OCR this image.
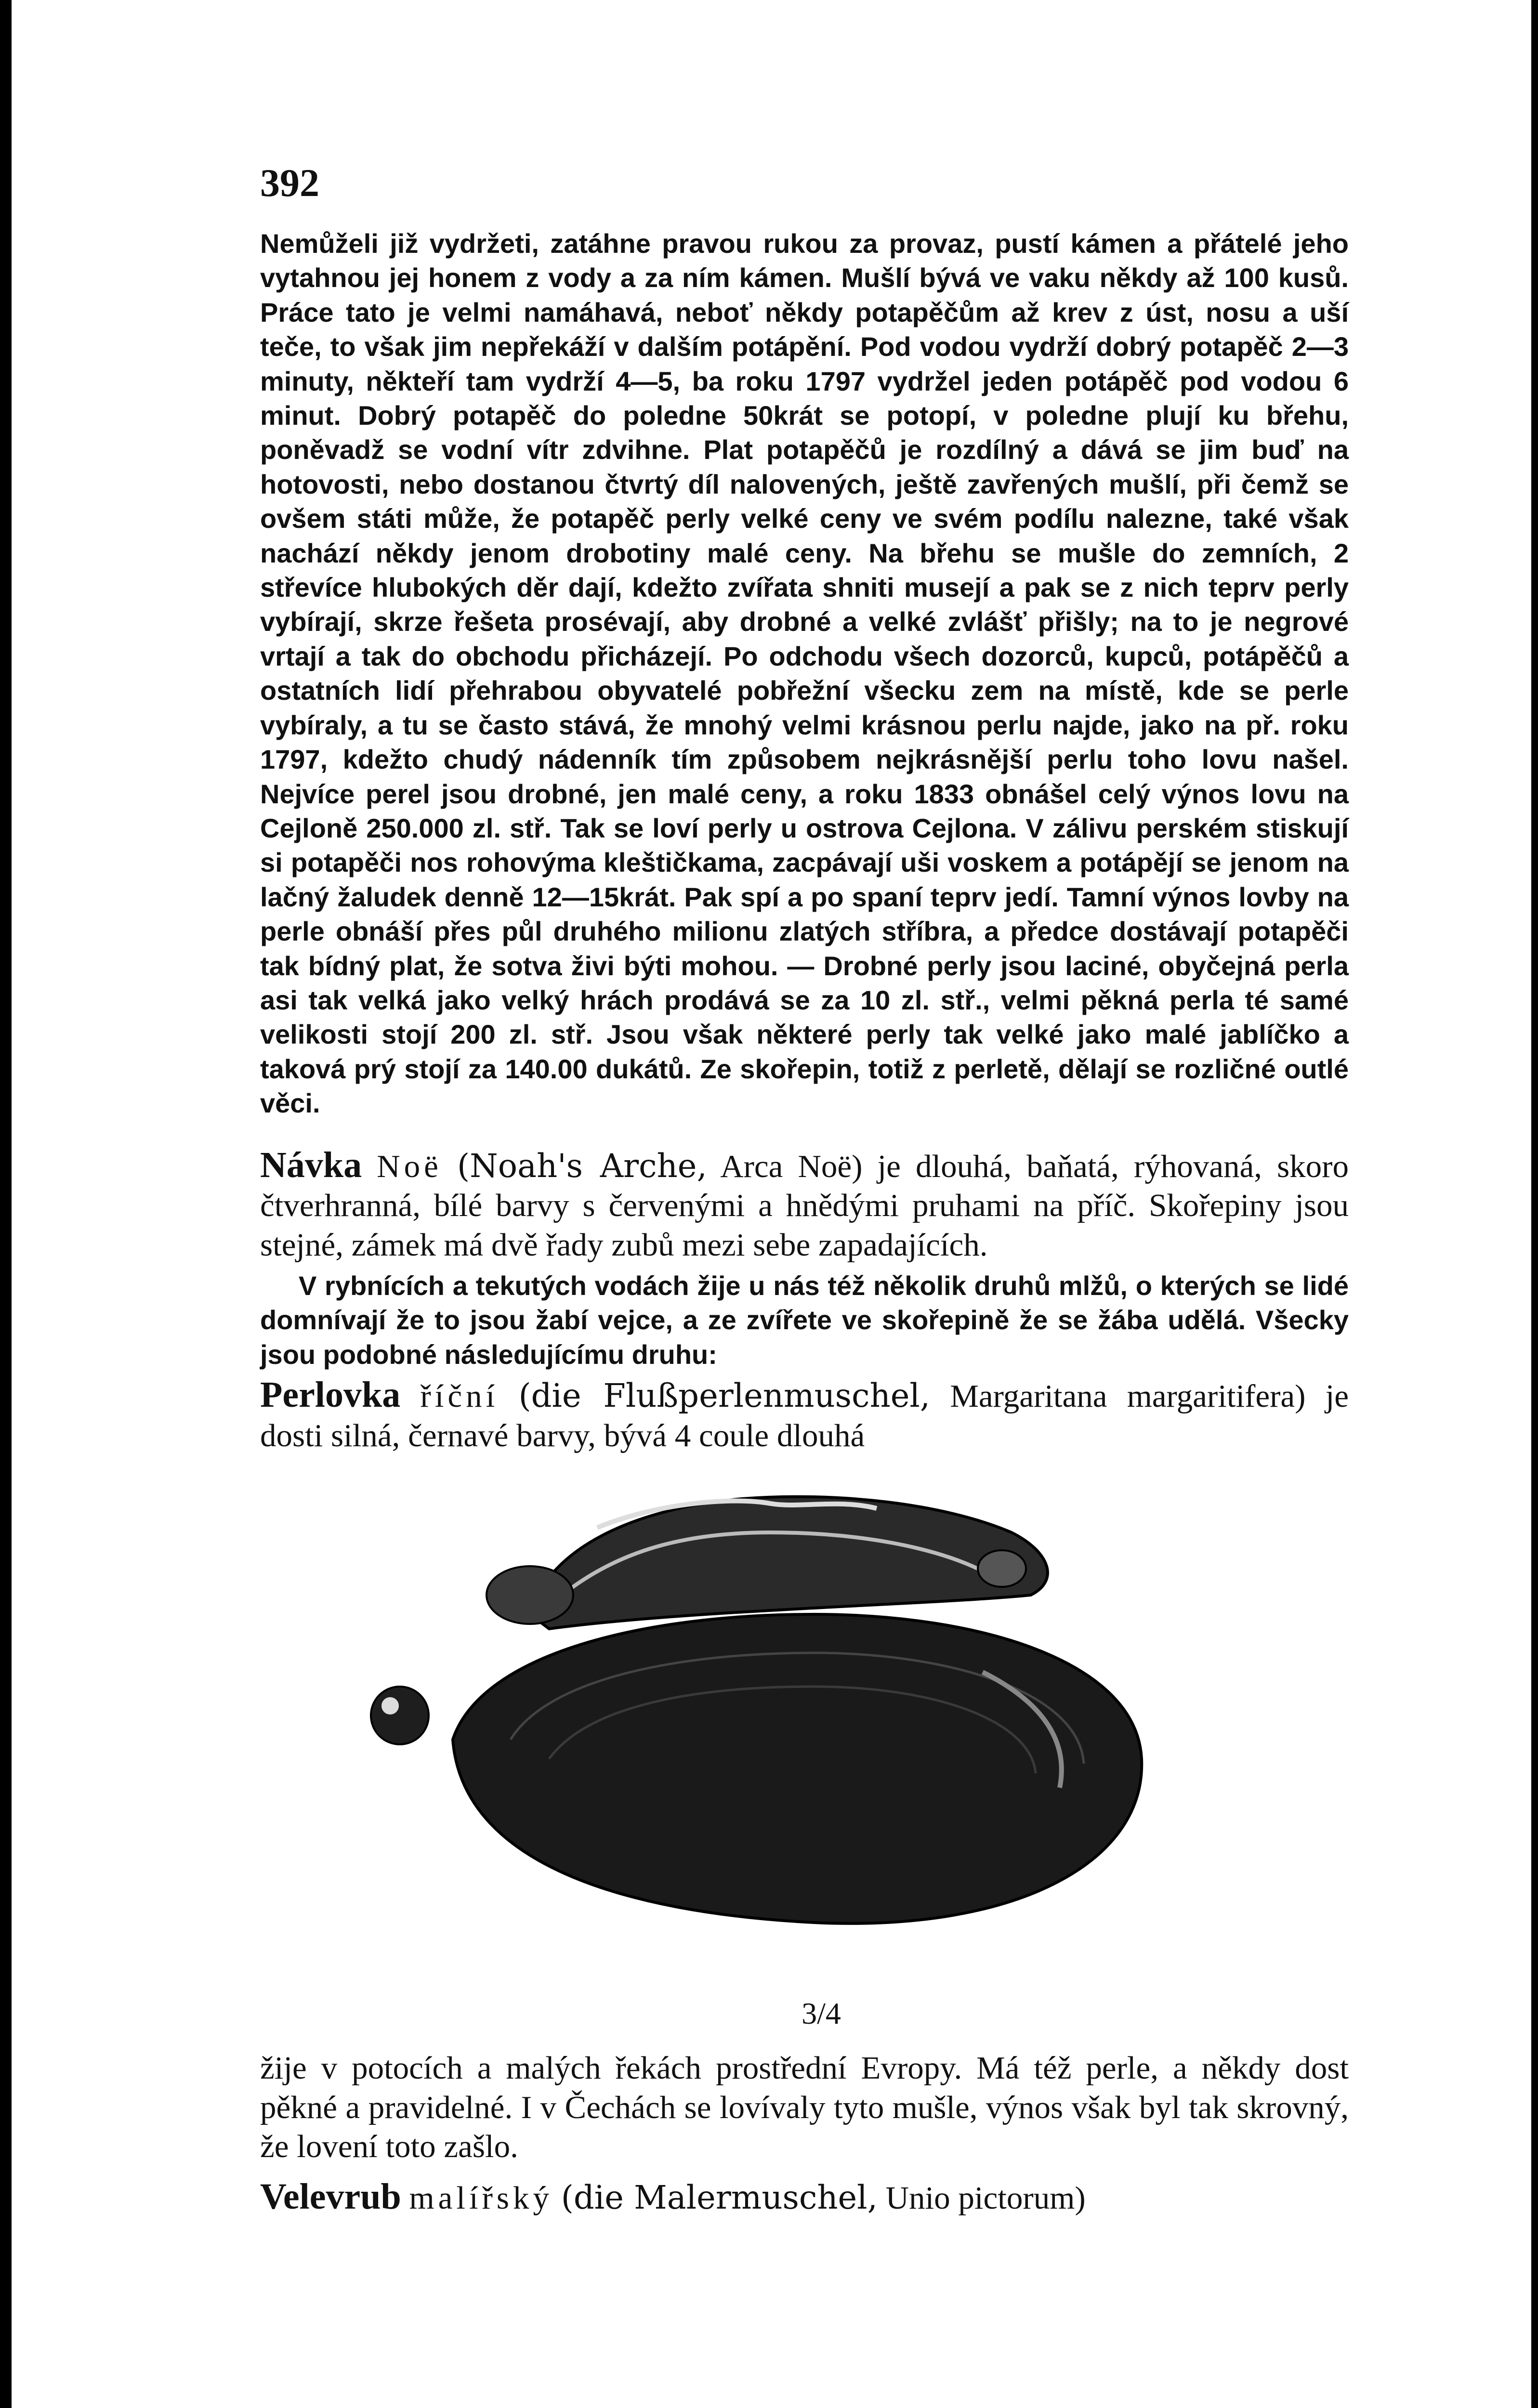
392

Nemůželi již vydržeti, zatáhne pravou rukou za provaz, pustí kámen a přátelé jeho vytahnou jej honem z vody a za ním kámen. Mušlí bývá ve vaku někdy až 100 kusů. Práce tato je velmi namáhavá, neboť někdy potapěčům až krev z úst, nosu a uší teče, to však jim nepřekáží v dalším potápění. Pod vodou vydrží dobrý potapěč 2—3 minuty, někteří tam vydrží 4—5, ba roku 1797 vydržel jeden potápěč pod vodou 6 minut. Dobrý potapěč do poledne 50krát se potopí, v poledne plují ku břehu, poněvadž se vodní vítr zdvihne. Plat potapěčů je rozdílný a dává se jim buď na hotovosti, nebo dostanou čtvrtý díl nalovených, ještě zavřených mušlí, při čemž se ovšem státi může, že potapěč perly velké ceny ve svém podílu nalezne, také však nachází někdy jenom drobotiny malé ceny. Na břehu se mušle do zemních, 2 střevíce hlubokých děr dají, kdežto zvířata shniti musejí a pak se z nich teprv perly vybírají, skrze řešeta prosévají, aby drobné a velké zvlášť přišly; na to je negrové vrtají a tak do obchodu přicházejí. Po odchodu všech dozorců, kupců, potápěčů a ostatních lidí přehrabou obyvatelé pobřežní všecku zem na místě, kde se perle vybíraly, a tu se často stává, že mnohý velmi krásnou perlu najde, jako na př. roku 1797, kdežto chudý nádenník tím způsobem nejkrásnější perlu toho lovu našel. Nejvíce perel jsou drobné, jen malé ceny, a roku 1833 obnášel celý výnos lovu na Cejloně 250.000 zl. stř. Tak se loví perly u ostrova Cejlona. V zálivu perském stiskují si potapěči nos rohovýma kleštičkama, zacpávají uši voskem a potápějí se jenom na lačný žaludek denně 12—15krát. Pak spí a po spaní teprv jedí. Tamní výnos lovby na perle obnáší přes půl druhého milionu zlatých stříbra, a předce dostávají potapěči tak bídný plat, že sotva živi býti mohou. — Drobné perly jsou laciné, obyčejná perla asi tak velká jako velký hrách prodává se za 10 zl. stř., velmi pěkná perla té samé velikosti stojí 200 zl. stř. Jsou však některé perly tak velké jako malé jablíčko a taková prý stojí za 140.00 dukátů. Ze skořepin, totiž z perletě, dělají se rozličné outlé věci.

Návka Noë (Noah's Arche, Arca Noë) je dlouhá, baňatá, rýhovaná, skoro čtverhranná, bílé barvy s červenými a hnědými pruhami na příč. Skořepiny jsou stejné, zámek má dvě řady zubů mezi sebe zapadajících.

V rybnících a tekutých vodách žije u nás též několik druhů mlžů, o kterých se lidé domnívají že to jsou žabí vejce, a ze zvířete ve skořepině že se žába udělá. Všecky jsou podobné následujícímu druhu:

Perlovka říční (die Flußperlenmuschel, Margaritana margaritifera) je dosti silná, černavé barvy, bývá 4 coule dlouhá

3/4

žije v potocích a malých řekách prostřední Evropy. Má též perle, a někdy dost pěkné a pravidelné. I v Čechách se lovívaly tyto mušle, výnos však byl tak skrovný, že lovení toto zašlo.

Velevrub malířský (die Malermuschel, Unio pictorum)
